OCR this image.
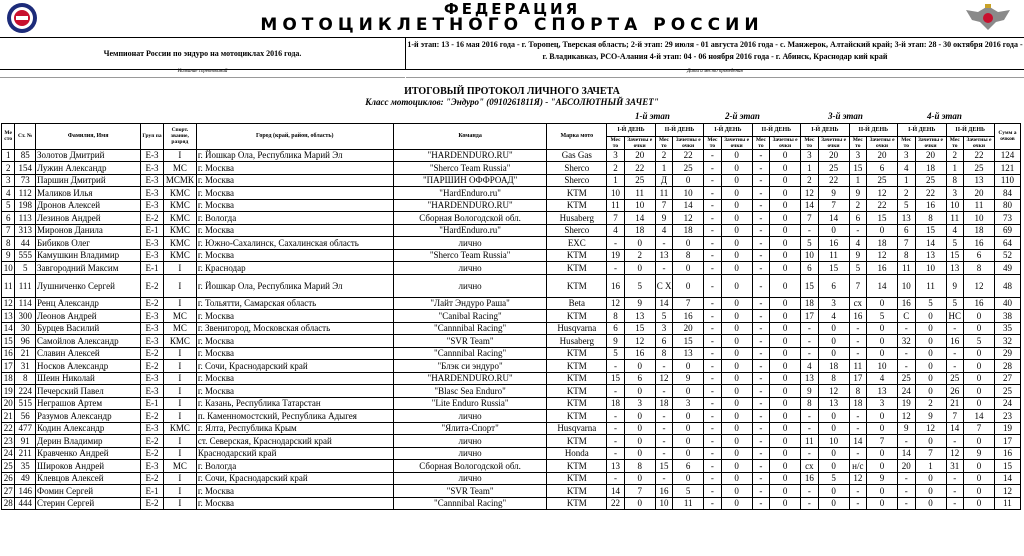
ФЕДЕРАЦИЯ
МОТОЦИКЛЕТНОГО СПОРТА РОССИИ
Чемпионат России по эндуро на мотоциклах 2016 года.
1-й этап: 13 - 16 мая 2016 года - г. Торопец, Тверская область; 2-й этап: 29 июля - 01 августа 2016 года - с. Манжерок, Алтайский край; 3-й этап: 28 - 30 октября 2016 года - г. Владикавказ, РСО-Алания 4-й этап: 04 - 06 ноября 2016 года - г. Абинск, Краснодар кий край
Название соревнований	Дата и место проведения
ИТОГОВЫЙ ПРОТОКОЛ ЛИЧНОГО ЗАЧЕТА
Класс мотоциклов: "Эндуро" (0910261811Я) - "АБСОЛЮТНЫЙ ЗАЧЕТ"
1-й этап	2-й этап	3-й этап	4-й этап
Ме сто	Ст. №	Фамилия, Имя	Груп па	Спорт. звание, разряд	Город (край, район, область)	Команда	Марка мото	I-Й ДЕНЬ		II-Й ДЕНЬ		I-Й ДЕНЬ		II-Й ДЕНЬ		I-Й ДЕНЬ		II-Й ДЕНЬ		I-Й ДЕНЬ		II-Й ДЕНЬ		Сумм а очков
								Мес то	Зачетны е очки	Мес то	Зачетны е очки	Мес то	Зачетны е очки	Мес то	Зачетны е очки	Мес то	Зачетны е очки	Мес то	Зачетны е очки	Мес то	Зачетны е очки	Мес то	Зачетны е очки	
1	85	Золотов Дмитрий	Е-3	I	г. Йошкар Ола, Республика Марий Эл	"HARDENDURO.RU"	Gas Gas	3	20	2	22	-	0	-	0	3	20	3	20	3	20	2	22	124
2	154	Лужин Александр	Е-3	МС	г. Москва	"Sherco Team Russia"	Sherco	2	22	1	25	-	0	-	0	1	25	15	6	4	18	1	25	121
3	73	Паршин Дмитрий	Е-3	МСМК	г. Москва	"ПАРШИН ОФФРОАД"	Sherco	1	25	Д	0	-	0	-	0	2	22	1	25	1	25	8	13	110
4	112	Маликов Илья	Е-3	КМС	г. Москва	"HardEnduro.ru"	KTM	10	11	11	10	-	0	-	0	12	9	9	12	2	22	3	20	84
5	198	Дронов Алексей	Е-3	КМС	г. Москва	"HARDENDURO.RU"	KTM	11	10	7	14	-	0	-	0	14	7	2	22	5	16	10	11	80
6	113	Лезинов Андрей	Е-2	КМС	г. Вологда	Сборная Вологодской обл.	Husaberg	7	14	9	12	-	0	-	0	7	14	6	15	13	8	11	10	73
7	313	Миронов Данила	Е-1	КМС	г. Москва	"HardEnduro.ru"	Sherco	4	18	4	18	-	0	-	0	-	0	-	0	6	15	4	18	69
8	44	Бибиков Олег	Е-3	КМС	г. Южно-Сахалинск, Сахалинская область	лично	EXC	-	0	-	0	-	0	-	0	5	16	4	18	7	14	5	16	64
9	555	Камушкин Владимир	Е-3	КМС	г. Москва	"Sherco Team Russia"	KTM	19	2	13	8	-	0	-	0	10	11	9	12	8	13	15	6	52
10	5	Завгородний Максим	Е-1	I	г. Краснодар	лично	KTM	-	0	-	0	-	0	-	0	6	15	5	16	11	10	13	8	49
11	111	Лушниченко Сергей	Е-2	I	г. Йошкар Ола, Республика Марий Эл	лично	KTM	16	5	С Х	0	-	0	-	0	15	6	7	14	10	11	9	12	48
12	114	Ренц Александр	Е-2	I	г. Тольятти, Самарская область	"Лайт Эндуро Раша"	Beta	12	9	14	7	-	0	-	0	18	3	сх	0	16	5	5	16	40
13	300	Леонов Андрей	Е-3	МС	г. Москва	"Canibal Racing"	KTM	8	13	5	16	-	0	-	0	17	4	16	5	С	0	НС	0	38
14	30	Бурцев Василий	Е-3	МС	г. Звенигород, Московская область	"Cannnibal Racing"	Husqvarna	6	15	3	20	-	0	-	0	-	0	-	0	-	0	-	0	35
15	96	Самойлов Александр	Е-3	КМС	г. Москва	"SVR Team"	Husaberg	9	12	6	15	-	0	-	0	-	0	-	0	32	0	16	5	32
16	21	Славин Алексей	Е-2	I	г. Москва	"Cannnibal Racing"	KTM	5	16	8	13	-	0	-	0	-	0	-	0	-	0	-	0	29
17	31	Носков Александр	Е-2	I	г. Сочи, Краснодарский край	"Блэк си эндуро"	KTM	-	0	-	0	-	0	-	0	4	18	11	10	-	0	-	0	28
18	8	Шеин Николай	Е-3	I	г. Москва	"HARDENDURO.RU"	KTM	15	6	12	9	-	0	-	0	13	8	17	4	25	0	25	0	27
19	224	Печерский Павел	Е-3	I	г. Москва	"Blasc Sea Enduro"	KTM	-	0	-	0	-	0	-	0	9	12	8	13	24	0	26	0	25
20	515	Неграшов Артем	Е-1	I	г. Казань, Республика Татарстан	"Lite Enduro Russia"	KTM	18	3	18	3	-	0	-	0	8	13	18	3	19	2	21	0	24
21	56	Разумов Александр	Е-2	I	п. Каменномостский, Республика Адыгея	лично	KTM	-	0	-	0	-	0	-	0	-	0	-	0	12	9	7	14	23
22	477	Кодин Александр	Е-3	КМС	г. Ялта, Республика Крым	"Ялита-Спорт"	Husqvarna	-	0	-	0	-	0	-	0	-	0	-	0	9	12	14	7	19
23	91	Дерин Владимир	Е-2	I	ст. Северская, Краснодарский край	лично	KTM	-	0	-	0	-	0	-	0	11	10	14	7	-	0	-	0	17
24	211	Кравченко Андрей	Е-2	I	Краснодарский край	лично	Honda	-	0	-	0	-	0	-	0	-	0	-	0	14	7	12	9	16
25	35	Широков Андрей	Е-3	МС	г. Вологда	Сборная Вологодской обл.	KTM	13	8	15	6	-	0	-	0	сх	0	н/с	0	20	1	31	0	15
26	49	Клевцов Алексей	Е-2	I	г. Сочи, Краснодарский край	лично	KTM	-	0	-	0	-	0	-	0	16	5	12	9	-	0	-	0	14
27	146	Фомин Сергей	Е-1	I	г. Москва	"SVR Team"	KTM	14	7	16	5	-	0	-	0	-	0	-	0	-	0	-	0	12
28	444	Стерин Сергей	Е-2	I	г. Москва	"Cannnibal Racing"	KTM	22	0	10	11	-	0	-	0	-	0	-	0	-	0	-	0	11
